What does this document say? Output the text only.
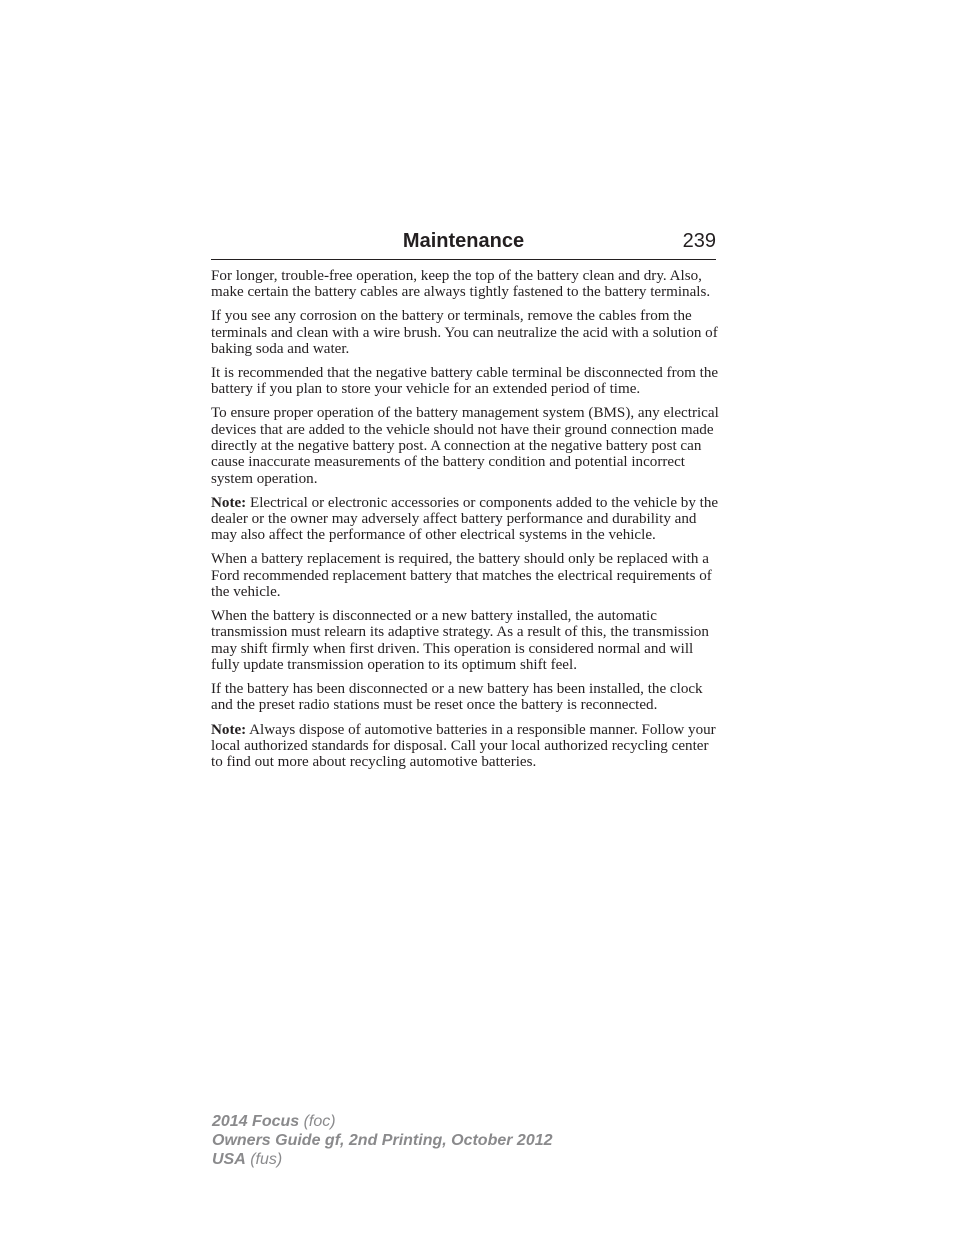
Maintenance	239

For longer, trouble-free operation, keep the top of the battery clean and dry. Also, make certain the battery cables are always tightly fastened to the battery terminals.

If you see any corrosion on the battery or terminals, remove the cables from the terminals and clean with a wire brush. You can neutralize the acid with a solution of baking soda and water.

It is recommended that the negative battery cable terminal be disconnected from the battery if you plan to store your vehicle for an extended period of time.

To ensure proper operation of the battery management system (BMS), any electrical devices that are added to the vehicle should not have their ground connection made directly at the negative battery post. A connection at the negative battery post can cause inaccurate measurements of the battery condition and potential incorrect system operation.

Note: Electrical or electronic accessories or components added to the vehicle by the dealer or the owner may adversely affect battery performance and durability and may also affect the performance of other electrical systems in the vehicle.

When a battery replacement is required, the battery should only be replaced with a Ford recommended replacement battery that matches the electrical requirements of the vehicle.

When the battery is disconnected or a new battery installed, the automatic transmission must relearn its adaptive strategy. As a result of this, the transmission may shift firmly when first driven. This operation is considered normal and will fully update transmission operation to its optimum shift feel.

If the battery has been disconnected or a new battery has been installed, the clock and the preset radio stations must be reset once the battery is reconnected.

Note: Always dispose of automotive batteries in a responsible manner. Follow your local authorized standards for disposal. Call your local authorized recycling center to find out more about recycling automotive batteries.

2014 Focus (foc)
Owners Guide gf, 2nd Printing, October 2012
USA (fus)
